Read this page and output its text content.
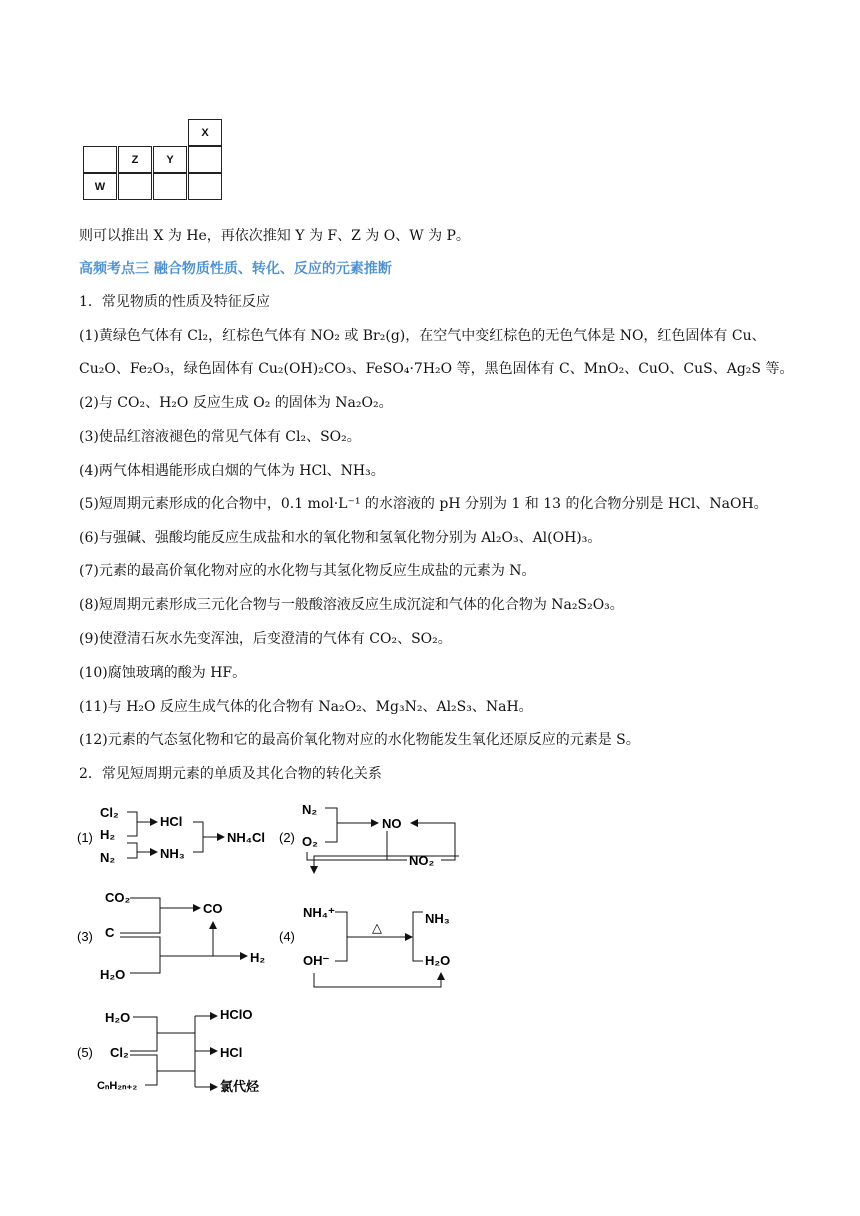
X
Z	Y
W
则可以推出 X 为 He，再依次推知 Y 为 F、Z 为 O、W 为 P。
高频考点三 融合物质性质、转化、反应的元素推断
1．常见物质的性质及特征反应
(1)黄绿色气体有 Cl₂，红棕色气体有 NO₂ 或 Br₂(g)，在空气中变红棕色的无色气体是 NO，红色固体有 Cu、
Cu₂O、Fe₂O₃，绿色固体有 Cu₂(OH)₂CO₃、FeSO₄·7H₂O 等，黑色固体有 C、MnO₂、CuO、CuS、Ag₂S 等。
(2)与 CO₂、H₂O 反应生成 O₂ 的固体为 Na₂O₂。
(3)使品红溶液褪色的常见气体有 Cl₂、SO₂。
(4)两气体相遇能形成白烟的气体为 HCl、NH₃。
(5)短周期元素形成的化合物中，0.1 mol·L⁻¹ 的水溶液的 pH 分别为 1 和 13 的化合物分别是 HCl、NaOH。
(6)与强碱、强酸均能反应生成盐和水的氧化物和氢氧化物分别为 Al₂O₃、Al(OH)₃。
(7)元素的最高价氧化物对应的水化物与其氢化物反应生成盐的元素为 N。
(8)短周期元素形成三元化合物与一般酸溶液反应生成沉淀和气体的化合物为 Na₂S₂O₃。
(9)使澄清石灰水先变浑浊，后变澄清的气体有 CO₂、SO₂。
(10)腐蚀玻璃的酸为 HF。
(11)与 H₂O 反应生成气体的化合物有 Na₂O₂、Mg₃N₂、Al₂S₃、NaH。
(12)元素的气态氢化物和它的最高价氧化物对应的水化物能发生氧化还原反应的元素是 S。
2．常见短周期元素的单质及其化合物的转化关系
(1)
Cl₂
H₂
N₂
HCl
NH₃
NH₄Cl (2)
N₂
O₂
NO
NO₂
(3)
CO₂
C
H₂O
CO
H₂
(4)
NH₄⁺
OH⁻
△
NH₃
H₂O
(5)
H₂O
Cl₂
CₙH₂ₙ₊₂
HClO
HCl
氯代烃
